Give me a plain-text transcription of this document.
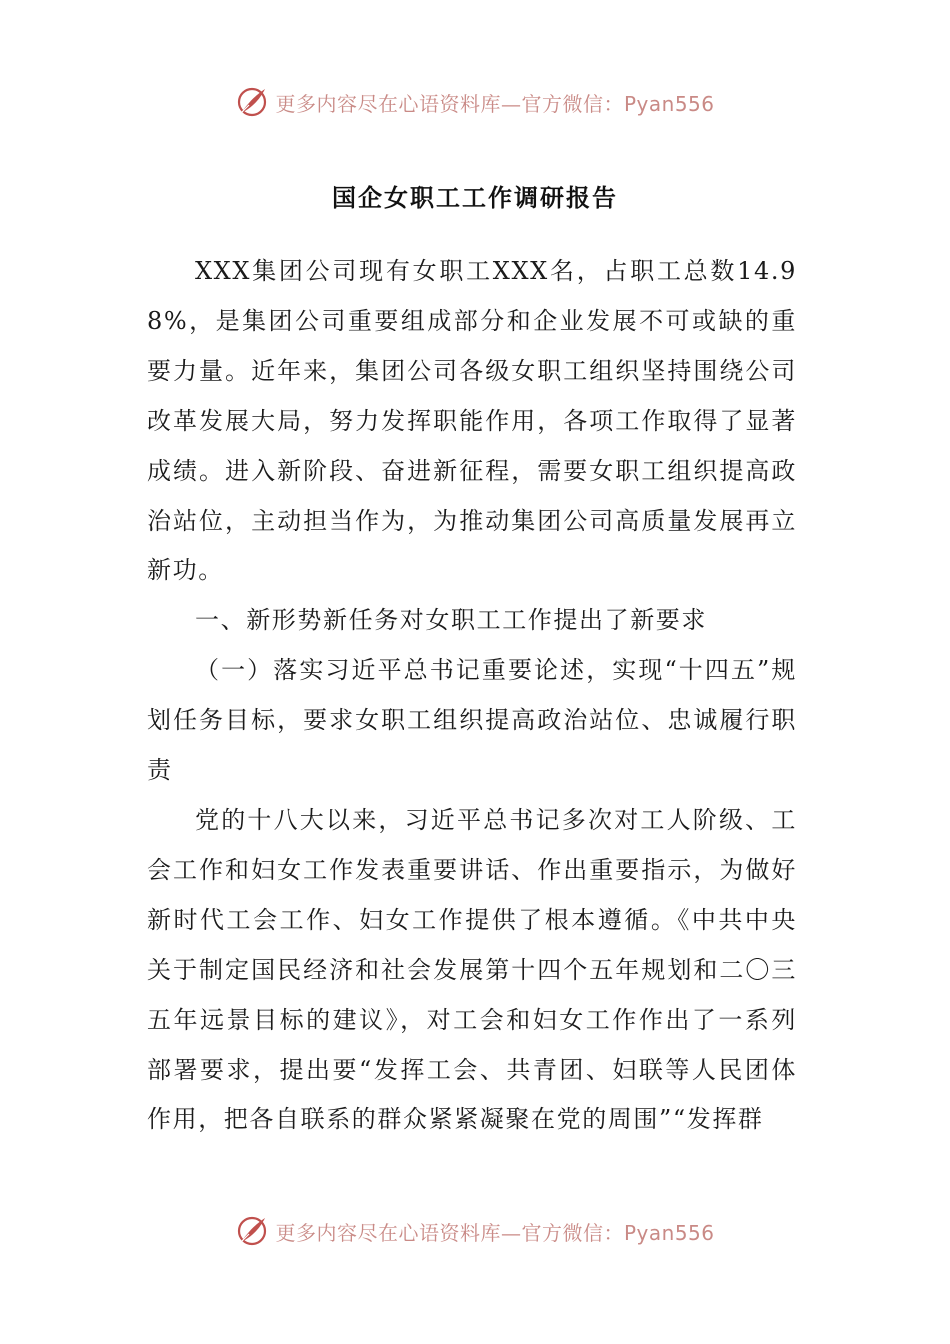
更多内容尽在心语资料库—官方微信：Pyan556
国企女职工工作调研报告

XXX集团公司现有女职工XXX名，占职工总数14.98%，是集团公司重要组成部分和企业发展不可或缺的重要力量。近年来，集团公司各级女职工组织坚持围绕公司改革发展大局，努力发挥职能作用，各项工作取得了显著成绩。进入新阶段、奋进新征程，需要女职工组织提高政治站位，主动担当作为，为推动集团公司高质量发展再立新功。

一、新形势新任务对女职工工作提出了新要求

（一）落实习近平总书记重要论述，实现“十四五”规划任务目标，要求女职工组织提高政治站位、忠诚履行职责

党的十八大以来，习近平总书记多次对工人阶级、工会工作和妇女工作发表重要讲话、作出重要指示，为做好新时代工会工作、妇女工作提供了根本遵循。《中共中央关于制定国民经济和社会发展第十四个五年规划和二〇三五年远景目标的建议》，对工会和妇女工作作出了一系列部署要求，提出要“发挥工会、共青团、妇联等人民团体作用，把各自联系的群众紧紧凝聚在党的周围”“发挥群

更多内容尽在心语资料库—官方微信：Pyan556
